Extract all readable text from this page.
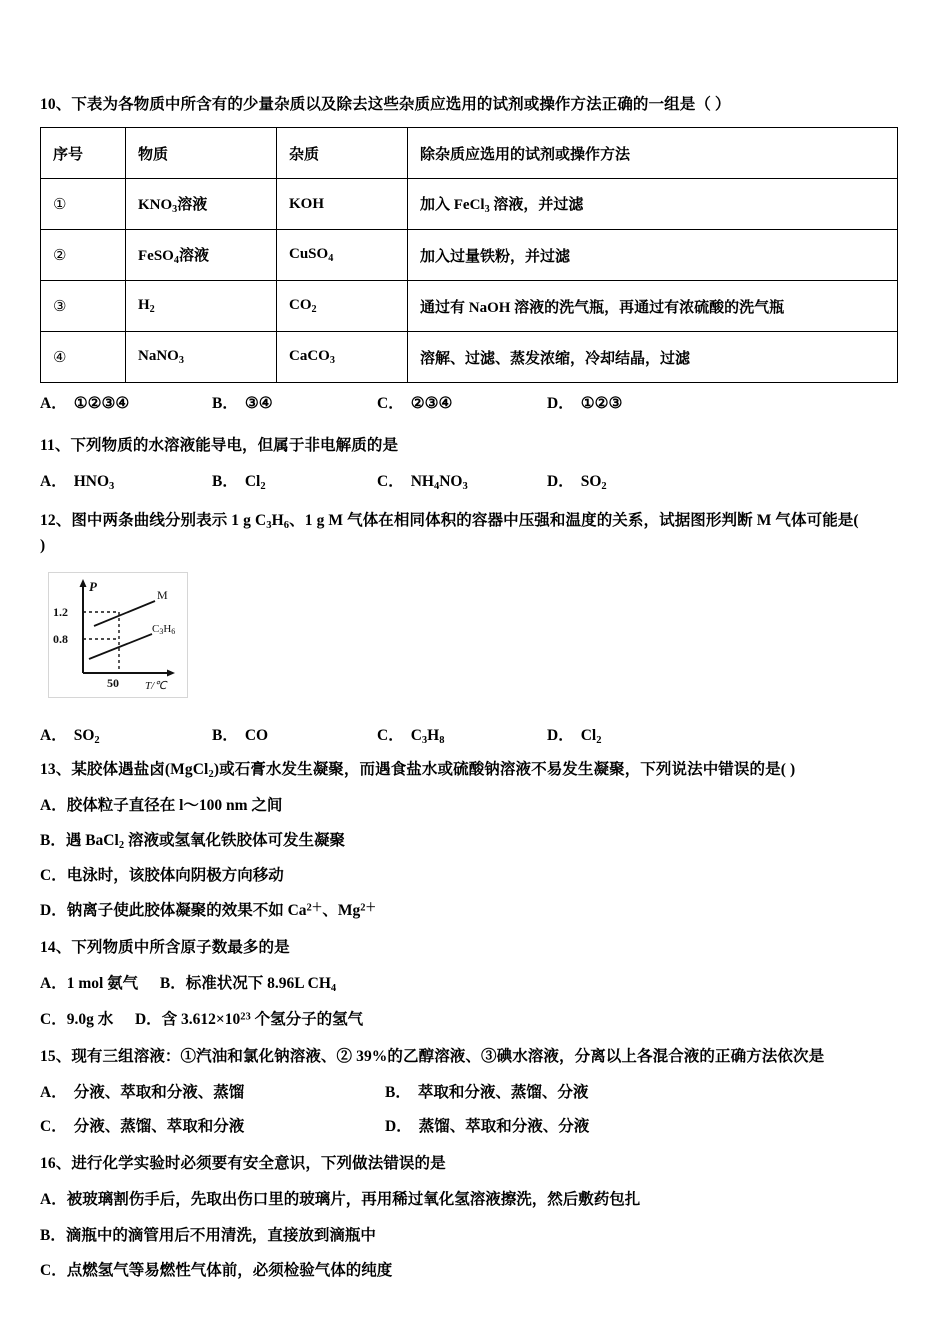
10、下表为各物质中所含有的少量杂质以及除去这些杂质应选用的试剂或操作方法正确的一组是（ ）

序号	物质	杂质	除杂质应选用的试剂或操作方法
①	$KNO_3$溶液	KOH	加入 FeCl$_3$ 溶液，并过滤
②	FeSO$_4$溶液	CuSO$_4$	加入过量铁粉，并过滤
③	$H_2$	$CO_2$	通过有 NaOH 溶液的洗气瓶，再通过有浓硫酸的洗气瓶
④	NaNO$_3$	CaCO$_3$	溶解、过滤、蒸发浓缩，冷却结晶，过滤
A． ①②③④	B． ③④	C． ②③④	D． ①②③

11、下列物质的水溶液能导电，但属于非电解质的是

A． $HNO_3$	B． $Cl_2$	C． $NH_4NO_3$	D． $SO_2$

12、图中两条曲线分别表示 1 g $C_3H_6$、1 g M 气体在相同体积的容器中压强和温度的关系，试据图形判断 M 气体可能是(

)

P
T/℃
1.2
0.8
50
M
C3H6
A． $SO_2$	B． CO	C． $C_3H_8$	D． $Cl_2$

13、某胶体遇盐卤(MgCl$_2$)或石膏水发生凝聚，而遇食盐水或硫酸钠溶液不易发生凝聚，下列说法中错误的是( )

A．胶体粒子直径在 l～100 nm 之间
B．遇 BaCl$_2$ 溶液或氢氧化铁胶体可发生凝聚
C．电泳时，该胶体向阴极方向移动
D．钠离子使此胶体凝聚的效果不如 $Ca^{2+}$、$Mg^{2+}$

14、下列物质中所含原子数最多的是

A．1 mol 氨气 B．标准状况下 8.96L $CH_4$
C．9.0g 水 D．含 $3.612\times 10^{23}$ 个氢分子的氢气

15、现有三组溶液：①汽油和氯化钠溶液、② 39%的乙醇溶液、③碘水溶液，分离以上各混合液的正确方法依次是

A． 分液、萃取和分液、蒸馏	B． 萃取和分液、蒸馏、分液
C． 分液、蒸馏、萃取和分液	D． 蒸馏、萃取和分液、分液

16、进行化学实验时必须要有安全意识，下列做法错误的是

A．被玻璃割伤手后，先取出伤口里的玻璃片，再用稀过氧化氢溶液擦洗，然后敷药包扎
B．滴瓶中的滴管用后不用清洗，直接放到滴瓶中
C．点燃氢气等易燃性气体前，必须检验气体的纯度
